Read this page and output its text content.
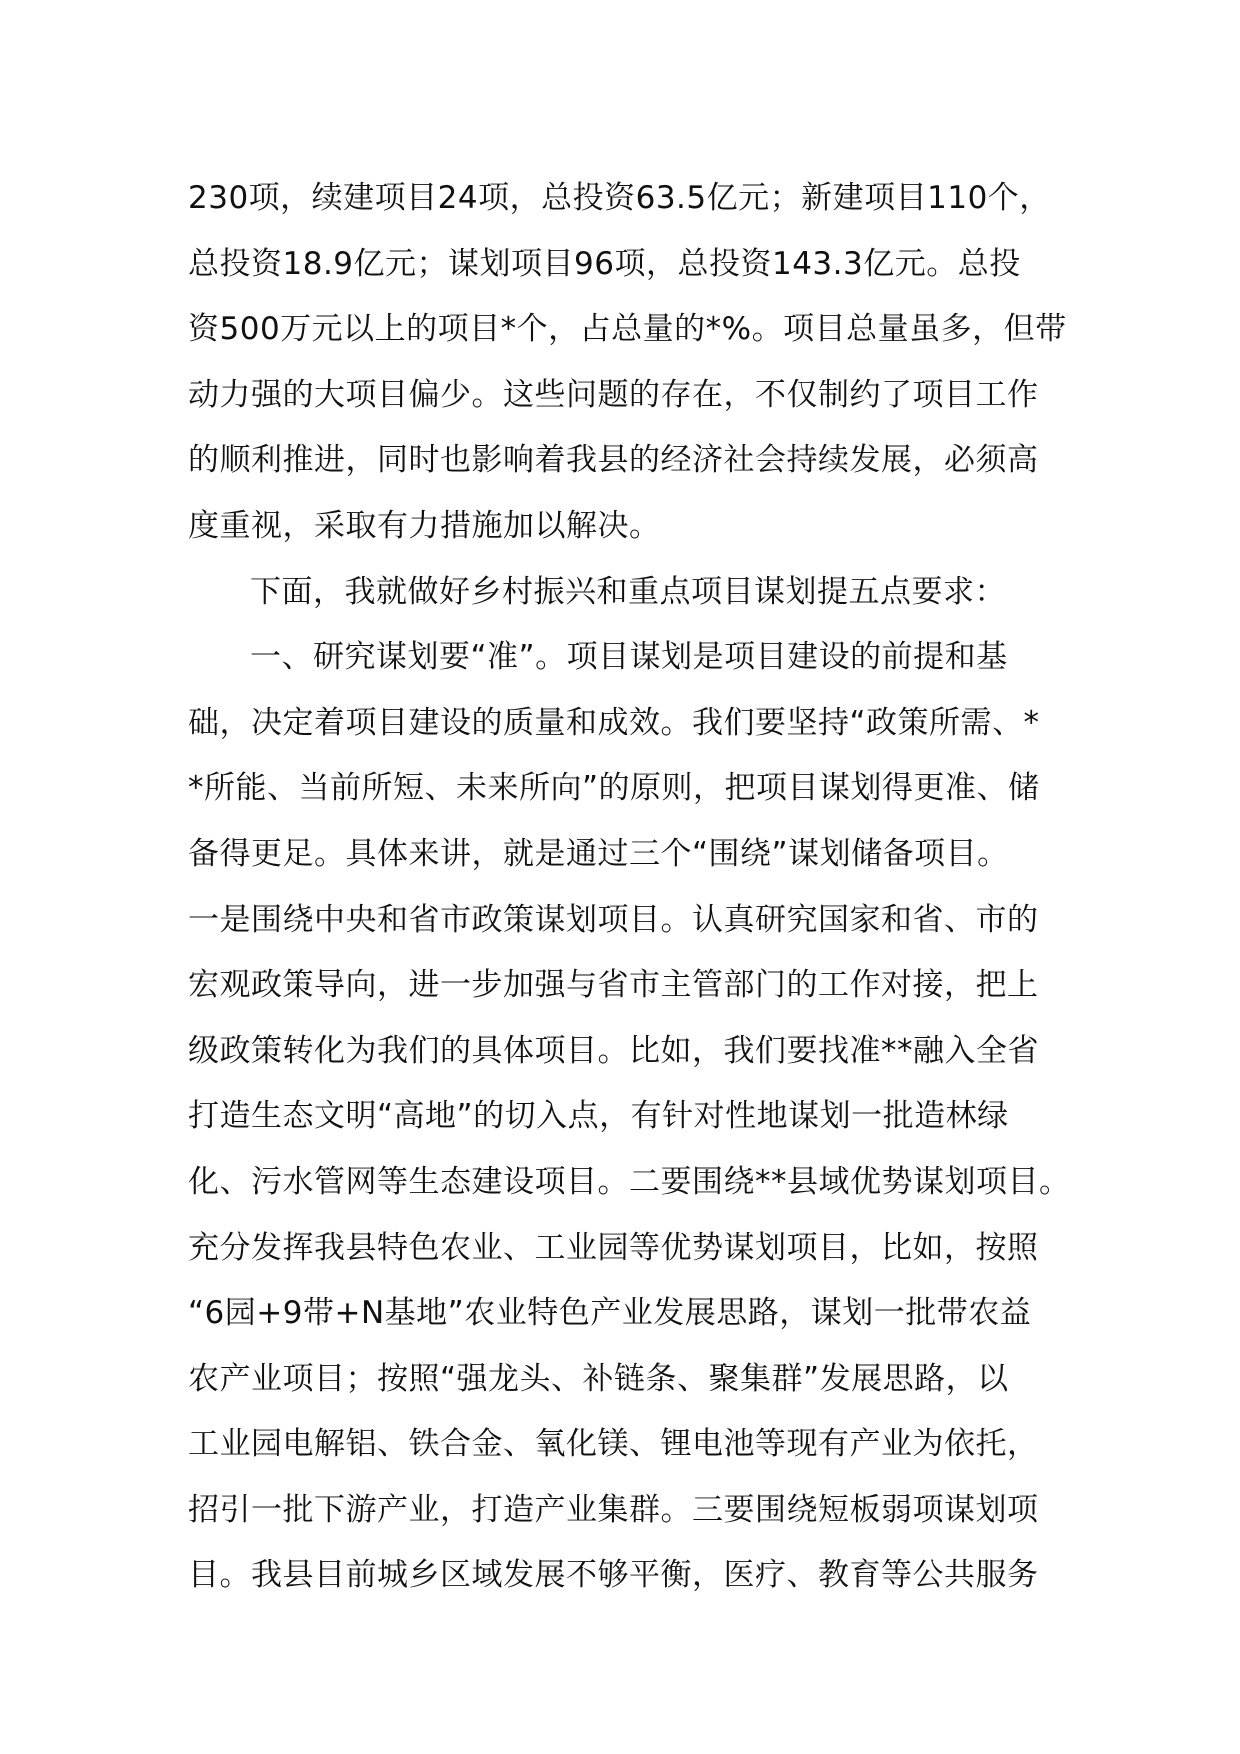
230项，续建项目24项，总投资63.5亿元；新建项目110个，
总投资18.9亿元；谋划项目96项，总投资143.3亿元。总投
资500万元以上的项目*个，占总量的*%。项目总量虽多，但带
动力强的大项目偏少。这些问题的存在，不仅制约了项目工作
的顺利推进，同时也影响着我县的经济社会持续发展，必须高
度重视，采取有力措施加以解决。
下面，我就做好乡村振兴和重点项目谋划提五点要求：
一、研究谋划要“准”。项目谋划是项目建设的前提和基
础，决定着项目建设的质量和成效。我们要坚持“政策所需、*
*所能、当前所短、未来所向”的原则，把项目谋划得更准、储
备得更足。具体来讲，就是通过三个“围绕”谋划储备项目。
一是围绕中央和省市政策谋划项目。认真研究国家和省、市的
宏观政策导向，进一步加强与省市主管部门的工作对接，把上
级政策转化为我们的具体项目。比如，我们要找准**融入全省
打造生态文明“高地”的切入点，有针对性地谋划一批造林绿
化、污水管网等生态建设项目。二要围绕**县域优势谋划项目。
充分发挥我县特色农业、工业园等优势谋划项目，比如，按照
“6园+9带+N基地”农业特色产业发展思路，谋划一批带农益
农产业项目；按照“强龙头、补链条、聚集群”发展思路，以
工业园电解铝、铁合金、氧化镁、锂电池等现有产业为依托，
招引一批下游产业，打造产业集群。三要围绕短板弱项谋划项
目。我县目前城乡区域发展不够平衡，医疗、教育等公共服务
